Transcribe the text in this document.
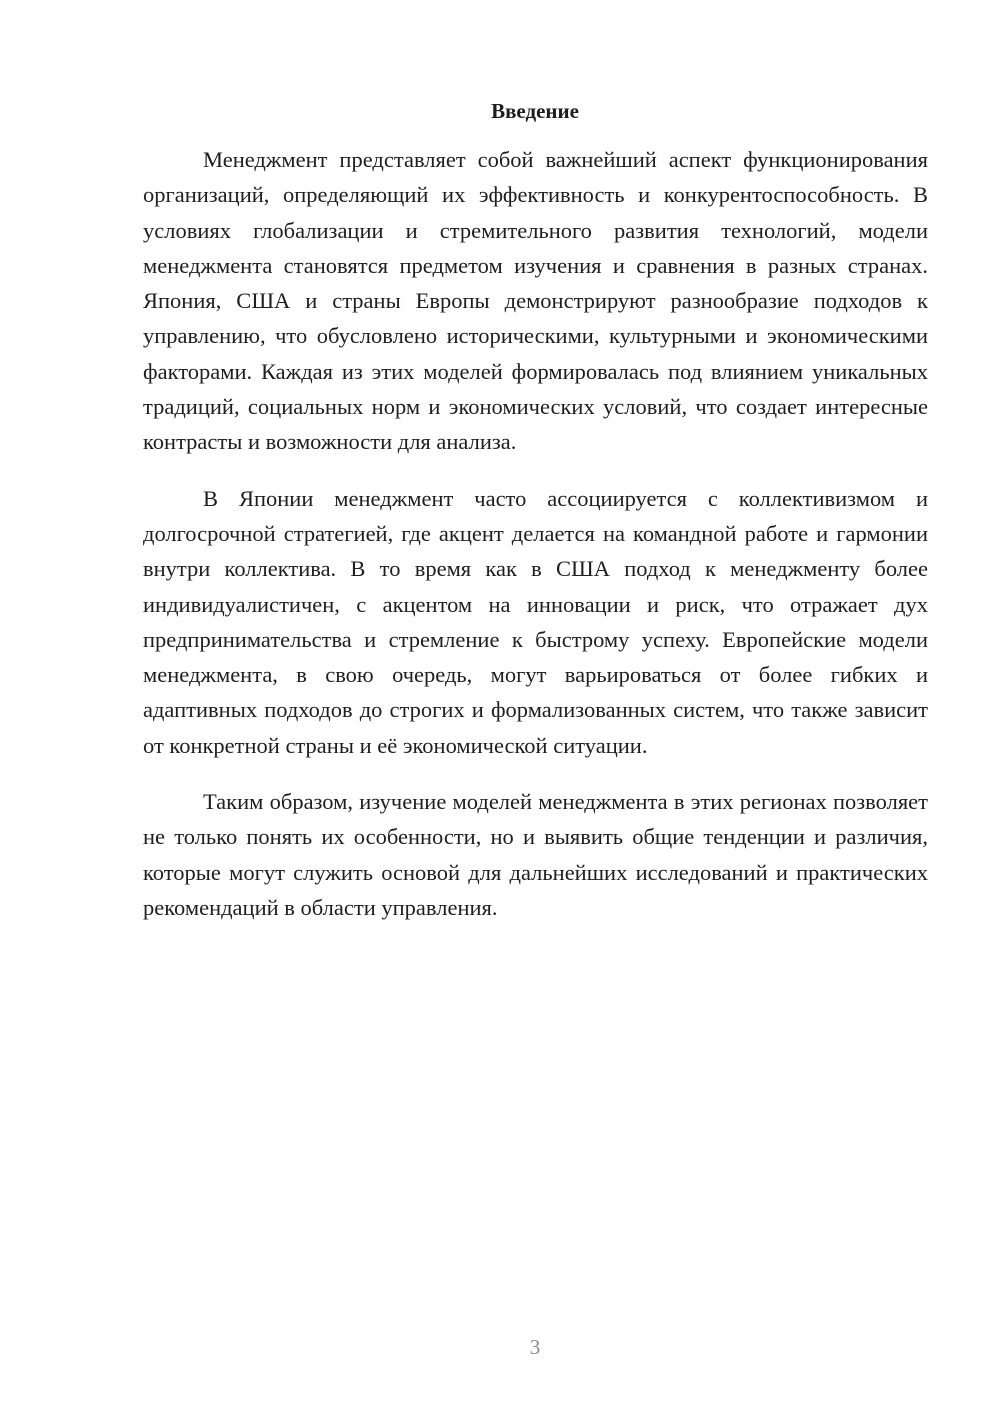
Введение

Менеджмент представляет собой важнейший аспект функционирования организаций, определяющий их эффективность и конкурентоспособность. В условиях глобализации и стремительного развития технологий, модели менеджмента становятся предметом изучения и сравнения в разных странах. Япония, США и страны Европы демонстрируют разнообразие подходов к управлению, что обусловлено историческими, культурными и экономическими факторами. Каждая из этих моделей формировалась под влиянием уникальных традиций, социальных норм и экономических условий, что создает интересные контрасты и возможности для анализа.

В Японии менеджмент часто ассоциируется с коллективизмом и долгосрочной стратегией, где акцент делается на командной работе и гармонии внутри коллектива. В то время как в США подход к менеджменту более индивидуалистичен, с акцентом на инновации и риск, что отражает дух предпринимательства и стремление к быстрому успеху. Европейские модели менеджмента, в свою очередь, могут варьироваться от более гибких и адаптивных подходов до строгих и формализованных систем, что также зависит от конкретной страны и её экономической ситуации.

Таким образом, изучение моделей менеджмента в этих регионах позволяет не только понять их особенности, но и выявить общие тенденции и различия, которые могут служить основой для дальнейших исследований и практических рекомендаций в области управления.

3
